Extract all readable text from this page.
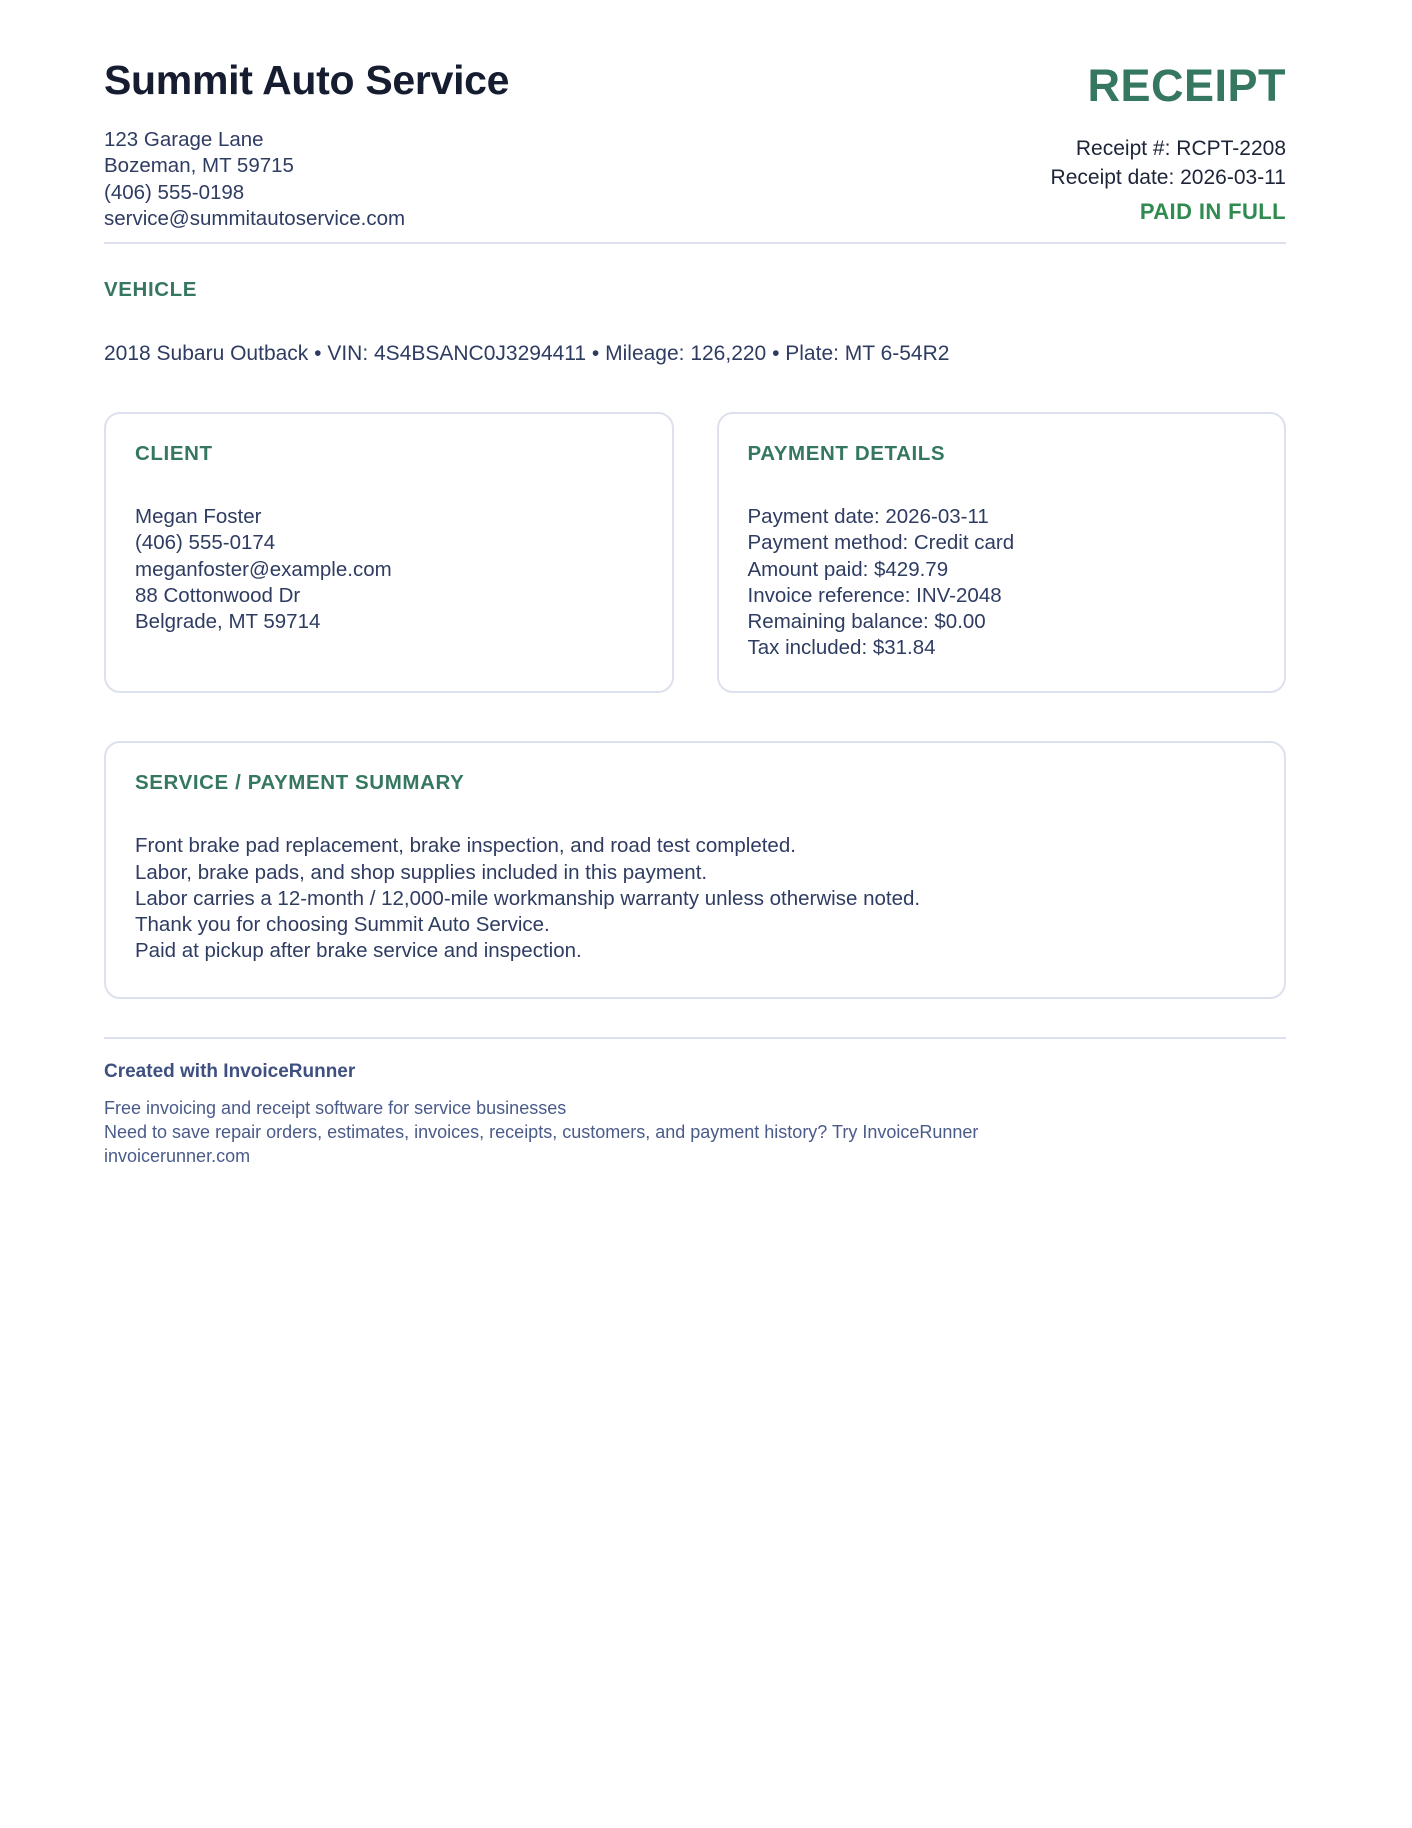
Summit Auto Service
123 Garage Lane
Bozeman, MT 59715
(406) 555-0198
service@summitautoservice.com
RECEIPT
Receipt #: RCPT-2208
Receipt date: 2026-03-11
PAID IN FULL
VEHICLE
2018 Subaru Outback • VIN: 4S4BSANC0J3294411 • Mileage: 126,220 • Plate: MT 6-54R2
CLIENT
Megan Foster
(406) 555-0174
meganfoster@example.com
88 Cottonwood Dr
Belgrade, MT 59714
PAYMENT DETAILS
Payment date: 2026-03-11
Payment method: Credit card
Amount paid: $429.79
Invoice reference: INV-2048
Remaining balance: $0.00
Tax included: $31.84
SERVICE / PAYMENT SUMMARY
Front brake pad replacement, brake inspection, and road test completed.
Labor, brake pads, and shop supplies included in this payment.
Labor carries a 12-month / 12,000-mile workmanship warranty unless otherwise noted.
Thank you for choosing Summit Auto Service.
Paid at pickup after brake service and inspection.
Created with InvoiceRunner
Free invoicing and receipt software for service businesses
Need to save repair orders, estimates, invoices, receipts, customers, and payment history? Try InvoiceRunner
invoicerunner.com
